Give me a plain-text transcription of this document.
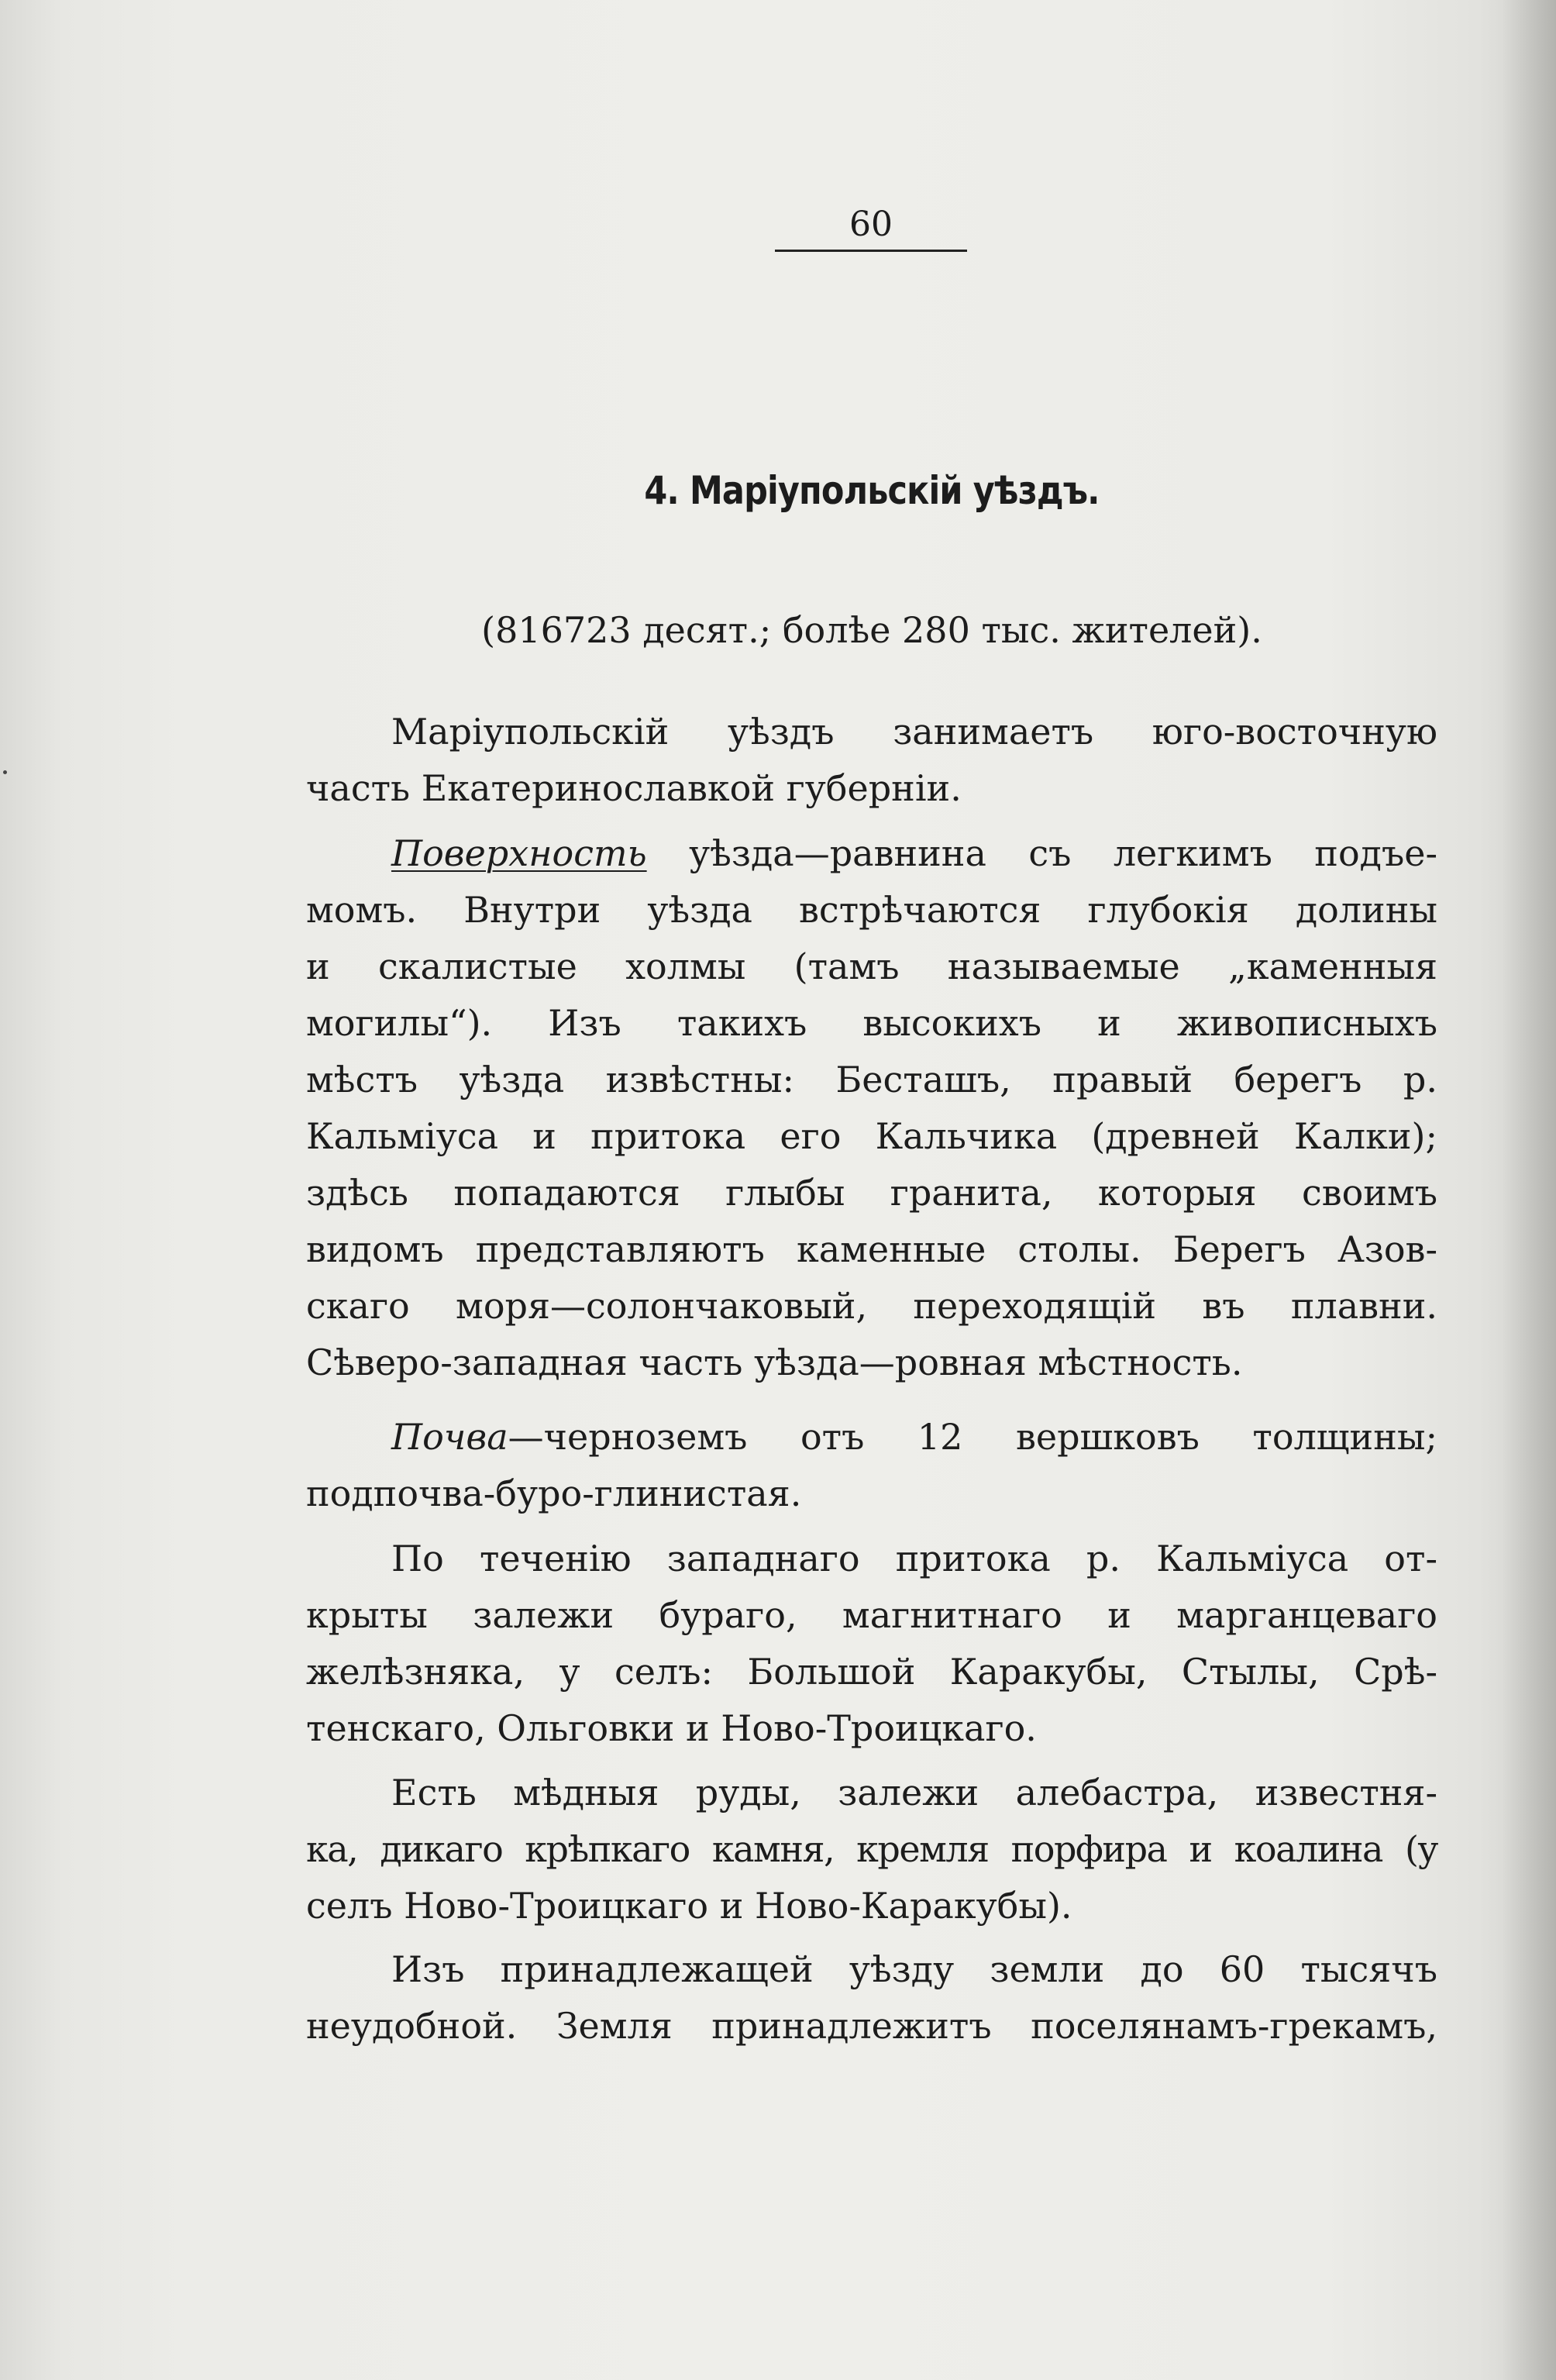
60
4. Маріупольскій уѣздъ.
(816723 десят.; болѣе 280 тыс. жителей).
Маріупольскій уѣздъ занимаетъ юго-восточную
часть Екатеринославкой губерніи.
Поверхность уѣзда—равнина съ легкимъ подъе-
момъ. Внутри уѣзда встрѣчаются глубокія долины
и скалистые холмы (тамъ называемые „каменныя
могилы“). Изъ такихъ высокихъ и живописныхъ
мѣстъ уѣзда извѣстны: Бесташъ, правый берегъ р.
Кальміуса и притока его Кальчика (древней Калки);
здѣсь попадаются глыбы гранита, которыя своимъ
видомъ представляютъ каменные столы. Берегъ Азов-
скаго моря—солончаковый, переходящій въ плавни.
Сѣверо-западная часть уѣзда—ровная мѣстность.
Почва—черноземъ отъ 12 вершковъ толщины;
подпочва-буро-глинистая.
По теченію западнаго притока р. Кальміуса от-
крыты залежи бураго, магнитнаго и марганцеваго
желѣзняка, у селъ: Большой Каракубы, Стылы, Срѣ-
тенскаго, Ольговки и Ново-Троицкаго.
Есть мѣдныя руды, залежи алебастра, известня-
ка, дикаго крѣпкаго камня, кремля порфира и коалина (у
селъ Ново-Троицкаго и Ново-Каракубы).
Изъ принадлежащей уѣзду земли до 60 тысячъ
неудобной. Земля принадлежитъ поселянамъ-грекамъ,
